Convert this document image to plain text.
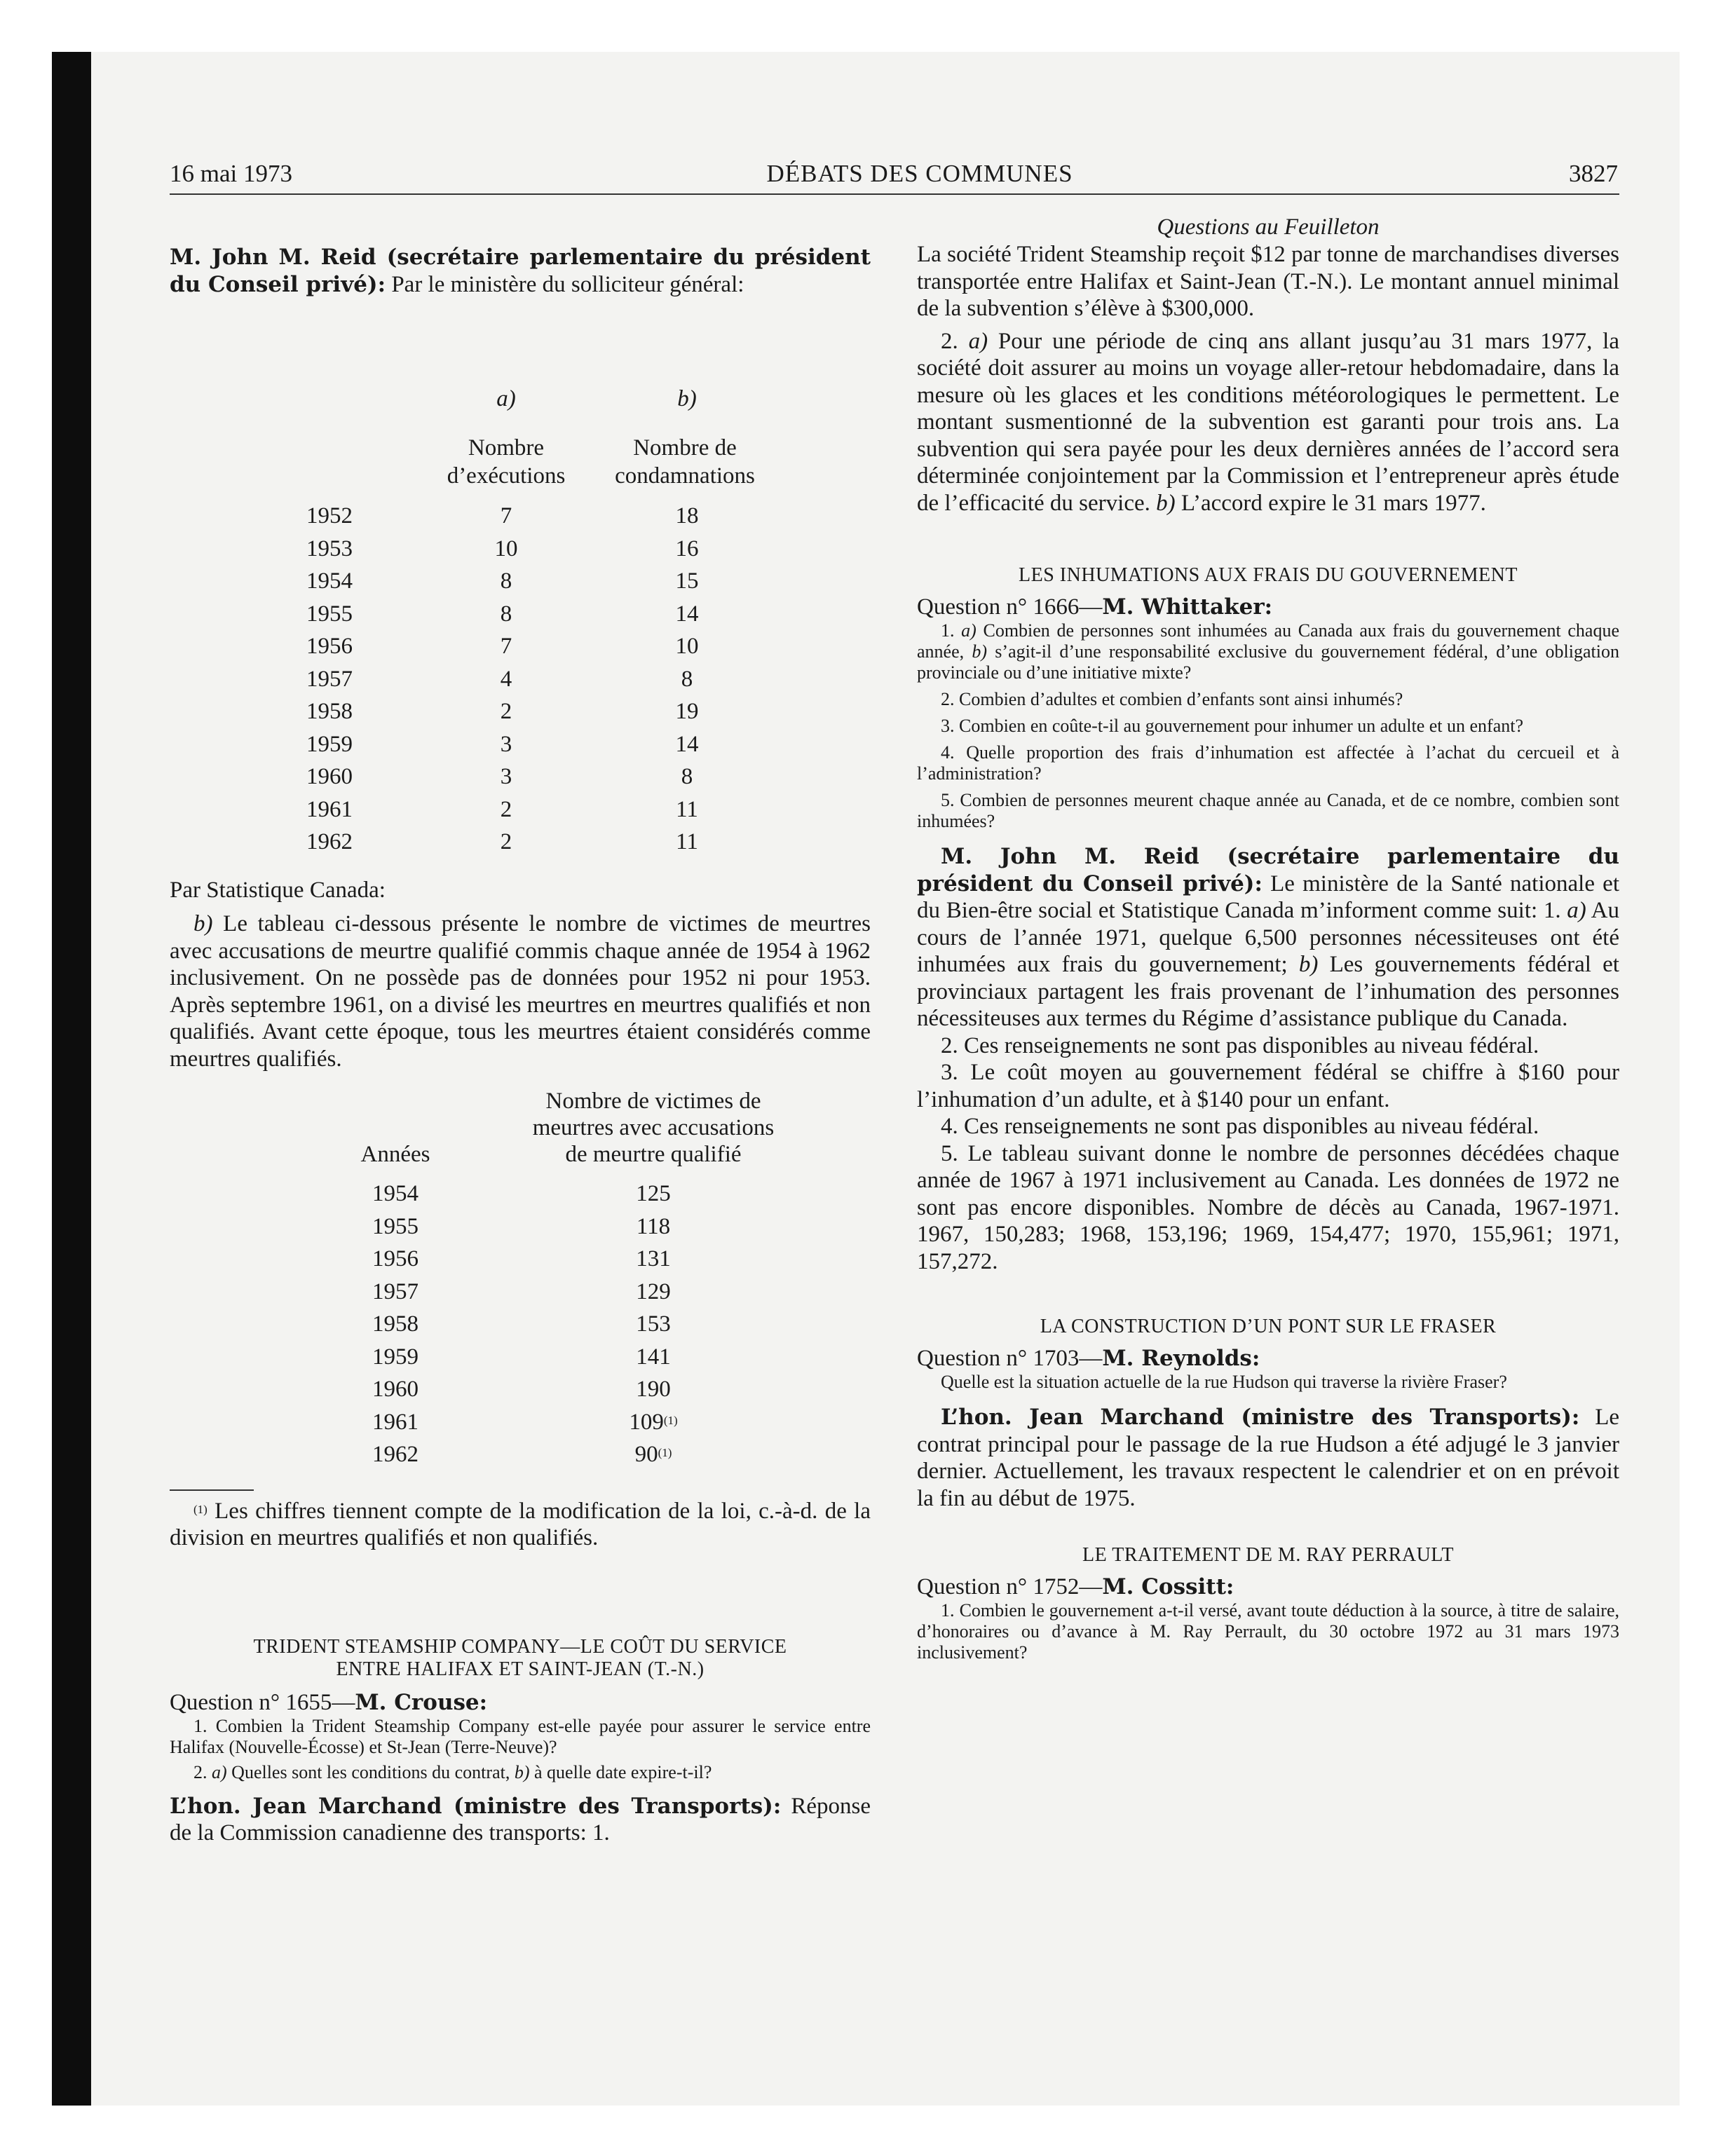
16 mai 1973	DÉBATS DES COMMUNES	3827

M. John M. Reid (secrétaire parlementaire du président du Conseil privé): Par le ministère du solliciteur général:

a)	b)
Nombre	Nombre de
d’exécutions	condamnations
1952	7	18
1953	10	16
1954	8	15
1955	8	14
1956	7	10
1957	4	8
1958	2	19
1959	3	14
1960	3	8
1961	2	11
1962	2	11

Par Statistique Canada:

b) Le tableau ci-dessous présente le nombre de victimes de meurtres avec accusations de meurtre qualifié commis chaque année de 1954 à 1962 inclusivement. On ne possède pas de données pour 1952 ni pour 1953. Après septembre 1961, on a divisé les meurtres en meurtres qualifiés et non qualifiés. Avant cette époque, tous les meurtres étaient considérés comme meurtres qualifiés.

Nombre de victimes de
meurtres avec accusations
de meurtre qualifié
Années
1954	125
1955	118
1956	131
1957	129
1958	153
1959	141
1960	190
1961	109$^{(1)}$
1962	90$^{(1)}$

$^{(1)}$ Les chiffres tiennent compte de la modification de la loi, c.-à-d. de la division en meurtres qualifiés et non qualifiés.

TRIDENT STEAMSHIP COMPANY—LE COÛT DU SERVICE
ENTRE HALIFAX ET SAINT-JEAN (T.-N.)

Question n° 1655—M. Crouse:

1. Combien la Trident Steamship Company est-elle payée pour assurer le service entre Halifax (Nouvelle-Écosse) et St-Jean (Terre-Neuve)?

2. a) Quelles sont les conditions du contrat, b) à quelle date expire-t-il?

L’hon. Jean Marchand (ministre des Transports): Réponse de la Commission canadienne des transports: 1.

Questions au Feuilleton

La société Trident Steamship reçoit $12 par tonne de marchandises diverses transportée entre Halifax et Saint-Jean (T.-N.). Le montant annuel minimal de la subvention s’élève à $300,000.

2. a) Pour une période de cinq ans allant jusqu’au 31 mars 1977, la société doit assurer au moins un voyage aller-retour hebdomadaire, dans la mesure où les glaces et les conditions météorologiques le permettent. Le montant susmentionné de la subvention est garanti pour trois ans. La subvention qui sera payée pour les deux dernières années de l’accord sera déterminée conjointement par la Commission et l’entrepreneur après étude de l’efficacité du service. b) L’accord expire le 31 mars 1977.

LES INHUMATIONS AUX FRAIS DU GOUVERNEMENT

Question n° 1666—M. Whittaker:

1. a) Combien de personnes sont inhumées au Canada aux frais du gouvernement chaque année, b) s’agit-il d’une responsabilité exclusive du gouvernement fédéral, d’une obligation provinciale ou d’une initiative mixte?

2. Combien d’adultes et combien d’enfants sont ainsi inhumés?

3. Combien en coûte-t-il au gouvernement pour inhumer un adulte et un enfant?

4. Quelle proportion des frais d’inhumation est affectée à l’achat du cercueil et à l’administration?

5. Combien de personnes meurent chaque année au Canada, et de ce nombre, combien sont inhumées?

M. John M. Reid (secrétaire parlementaire du président du Conseil privé): Le ministère de la Santé nationale et du Bien-être social et Statistique Canada m’informent comme suit: 1. a) Au cours de l’année 1971, quelque 6,500 personnes nécessiteuses ont été inhumées aux frais du gouvernement; b) Les gouvernements fédéral et provinciaux partagent les frais provenant de l’inhumation des personnes nécessiteuses aux termes du Régime d’assistance publique du Canada.

2. Ces renseignements ne sont pas disponibles au niveau fédéral.

3. Le coût moyen au gouvernement fédéral se chiffre à $160 pour l’inhumation d’un adulte, et à $140 pour un enfant.

4. Ces renseignements ne sont pas disponibles au niveau fédéral.

5. Le tableau suivant donne le nombre de personnes décédées chaque année de 1967 à 1971 inclusivement au Canada. Les données de 1972 ne sont pas encore disponibles. Nombre de décès au Canada, 1967-1971. 1967, 150,283; 1968, 153,196; 1969, 154,477; 1970, 155,961; 1971, 157,272.

LA CONSTRUCTION D’UN PONT SUR LE FRASER

Question n° 1703—M. Reynolds:

Quelle est la situation actuelle de la rue Hudson qui traverse la rivière Fraser?

L’hon. Jean Marchand (ministre des Transports): Le contrat principal pour le passage de la rue Hudson a été adjugé le 3 janvier dernier. Actuellement, les travaux respectent le calendrier et on en prévoit la fin au début de 1975.

LE TRAITEMENT DE M. RAY PERRAULT

Question n° 1752—M. Cossitt:

1. Combien le gouvernement a-t-il versé, avant toute déduction à la source, à titre de salaire, d’honoraires ou d’avance à M. Ray Perrault, du 30 octobre 1972 au 31 mars 1973 inclusivement?
